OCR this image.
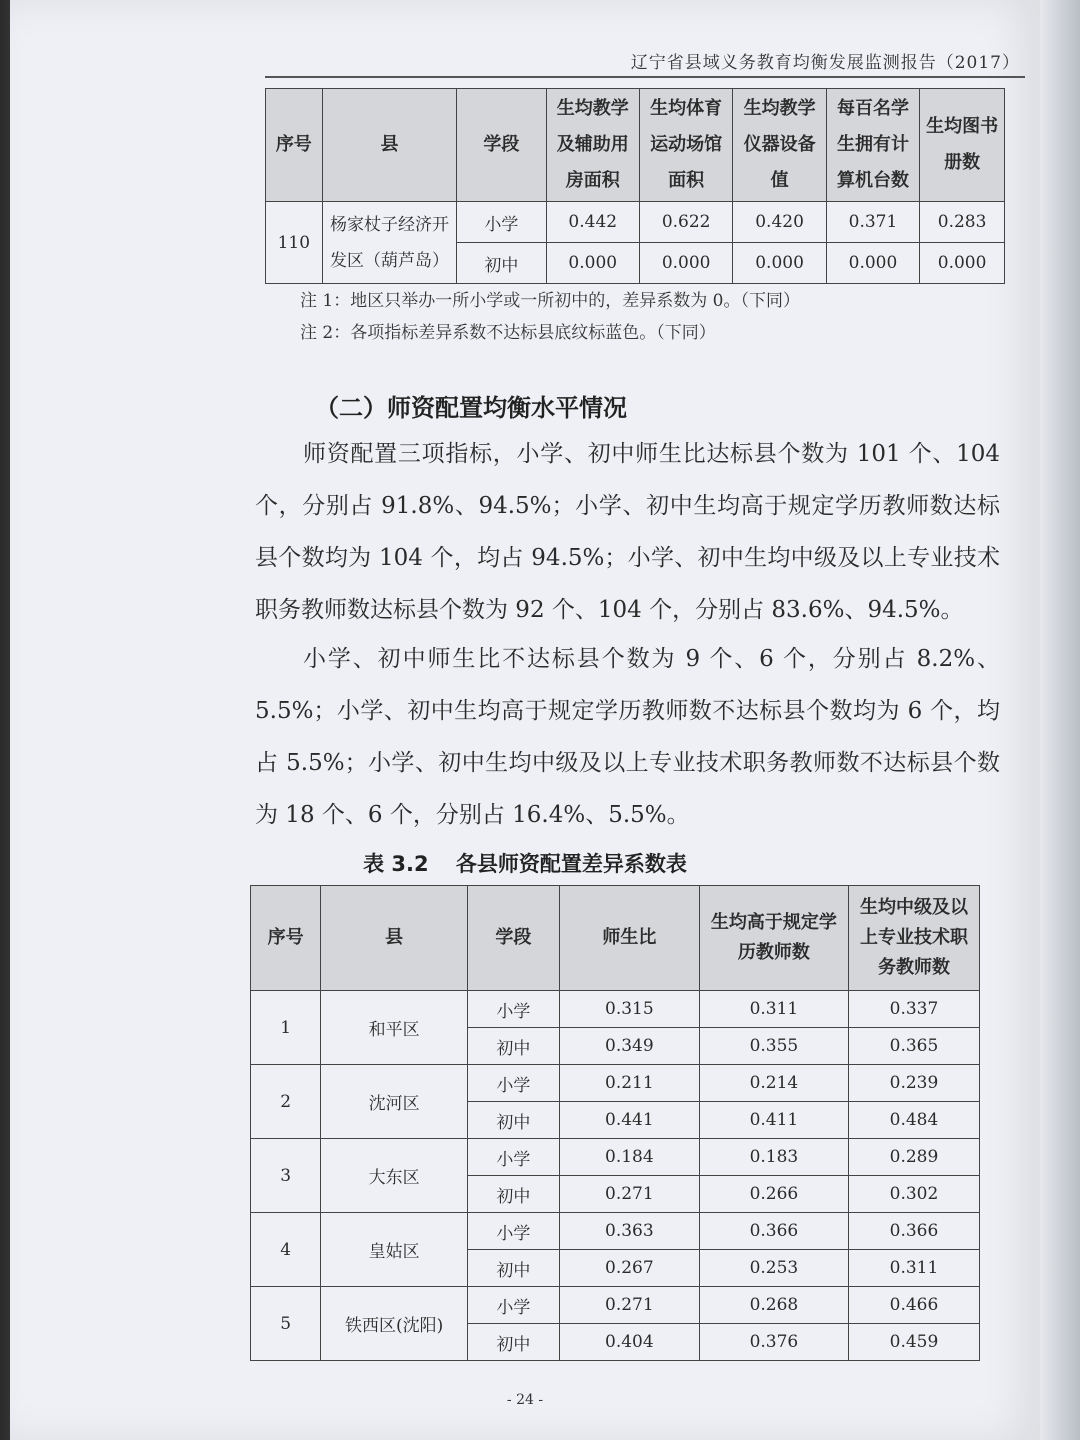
辽宁省县域义务教育均衡发展监测报告（2017）
序号	县	学段	生均教学及辅助用房面积	生均体育运动场馆面积	生均教学仪器设备值	每百名学生拥有计算机台数	生均图书册数
110	杨家杖子经济开发区（葫芦岛）	小学	0.442	0.622	0.420	0.371	0.283
		初中	0.000	0.000	0.000	0.000	0.000
注 1：地区只举办一所小学或一所初中的，差异系数为 0。（下同）
注 2：各项指标差异系数不达标县底纹标蓝色。（下同）
（二）师资配置均衡水平情况
师资配置三项指标，小学、初中师生比达标县个数为 101 个、104 个，分别占 91.8%、94.5%；小学、初中生均高于规定学历教师数达标县个数均为 104 个，均占 94.5%；小学、初中生均中级及以上专业技术职务教师数达标县个数为 92 个、104 个，分别占 83.6%、94.5%。
小学、初中师生比不达标县个数为 9 个、6 个，分别占 8.2%、5.5%；小学、初中生均高于规定学历教师数不达标县个数均为 6 个，均占 5.5%；小学、初中生均中级及以上专业技术职务教师数不达标县个数为 18 个、6 个，分别占 16.4%、5.5%。
表 3.2 各县师资配置差异系数表
序号	县	学段	师生比	生均高于规定学历教师数	生均中级及以上专业技术职务教师数
1	和平区	小学	0.315	0.311	0.337
		初中	0.349	0.355	0.365
2	沈河区	小学	0.211	0.214	0.239
		初中	0.441	0.411	0.484
3	大东区	小学	0.184	0.183	0.289
		初中	0.271	0.266	0.302
4	皇姑区	小学	0.363	0.366	0.366
		初中	0.267	0.253	0.311
5	铁西区(沈阳)	小学	0.271	0.268	0.466
		初中	0.404	0.376	0.459
- 24 -
